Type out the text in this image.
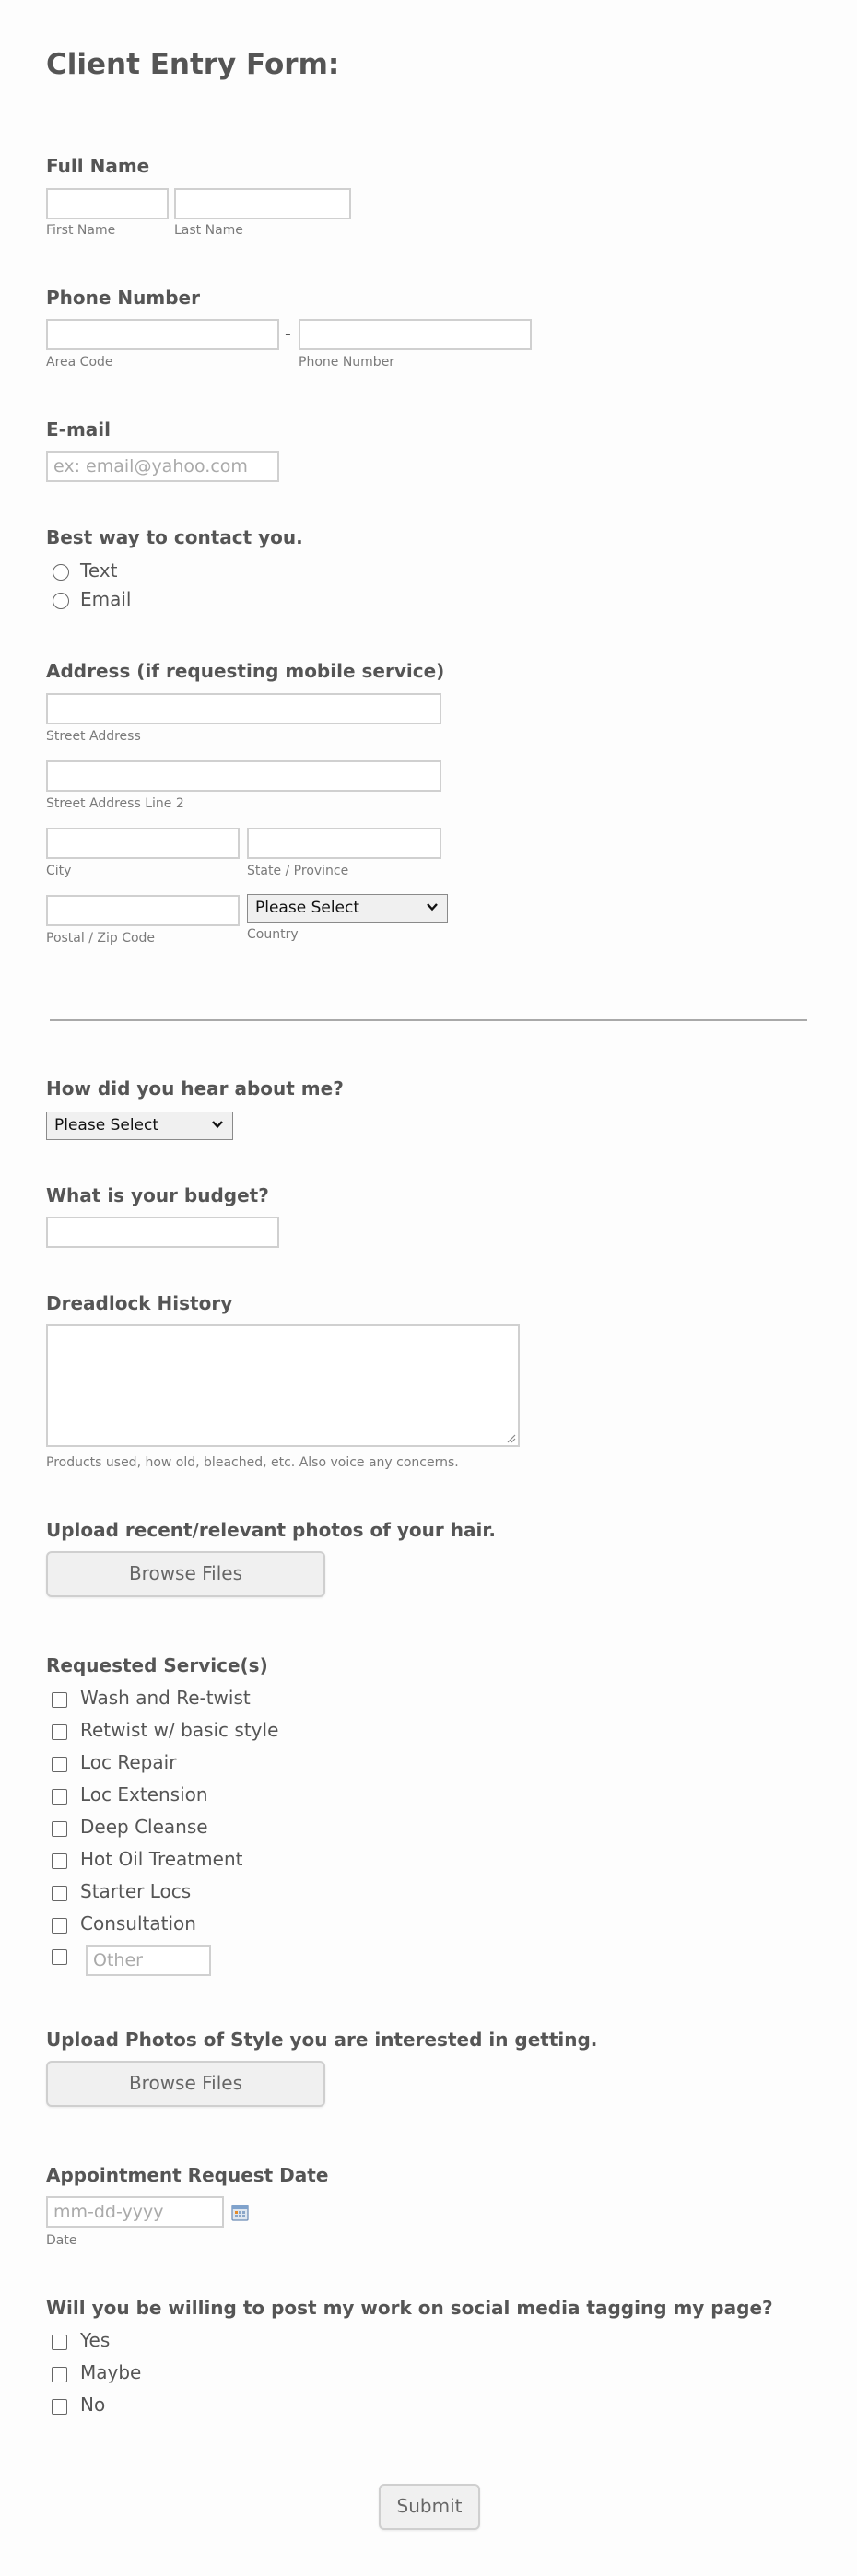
Client Entry Form:
Full Name
First Name	Last Name
Phone Number
-
Area Code	Phone Number
E-mail
ex: email@yahoo.com
Best way to contact you.
Text
Email
Address (if requesting mobile service)
Street Address
Street Address Line 2
City	State / Province
Please Select
Postal / Zip Code	Country
How did you hear about me?
Please Select
What is your budget?
Dreadlock History
Products used, how old, bleached, etc. Also voice any concerns.
Upload recent/relevant photos of your hair.
Browse Files
Requested Service(s)
Wash and Re-twist
Retwist w/ basic style
Loc Repair
Loc Extension
Deep Cleanse
Hot Oil Treatment
Starter Locs
Consultation
Other
Upload Photos of Style you are interested in getting.
Browse Files
Appointment Request Date
mm-dd-yyyy
Date
Will you be willing to post my work on social media tagging my page?
Yes
Maybe
No
Submit
